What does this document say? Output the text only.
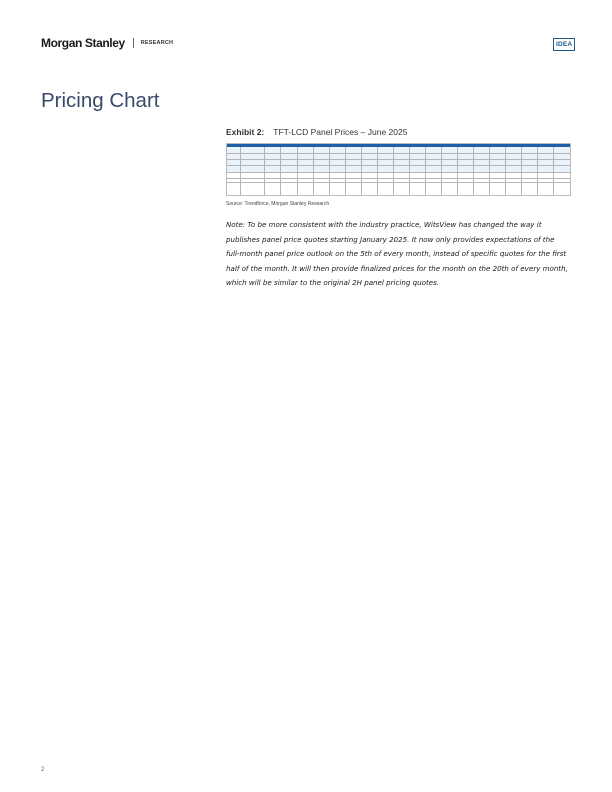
Morgan Stanley	RESEARCH	IDEA
Pricing Chart
Exhibit 2: TFT-LCD Panel Prices – June 2025
·
·
·
·
Source: Trendforce, Morgan Stanley Research
Note: To be more consistent with the industry practice, WitsView has changed the way it publishes panel price quotes starting January 2025. It now only provides expectations of the full-month panel price outlook on the 5th of every month, instead of specific quotes for the first half of the month. It will then provide finalized prices for the month on the 20th of every month, which will be similar to the original 2H panel pricing quotes.
2
